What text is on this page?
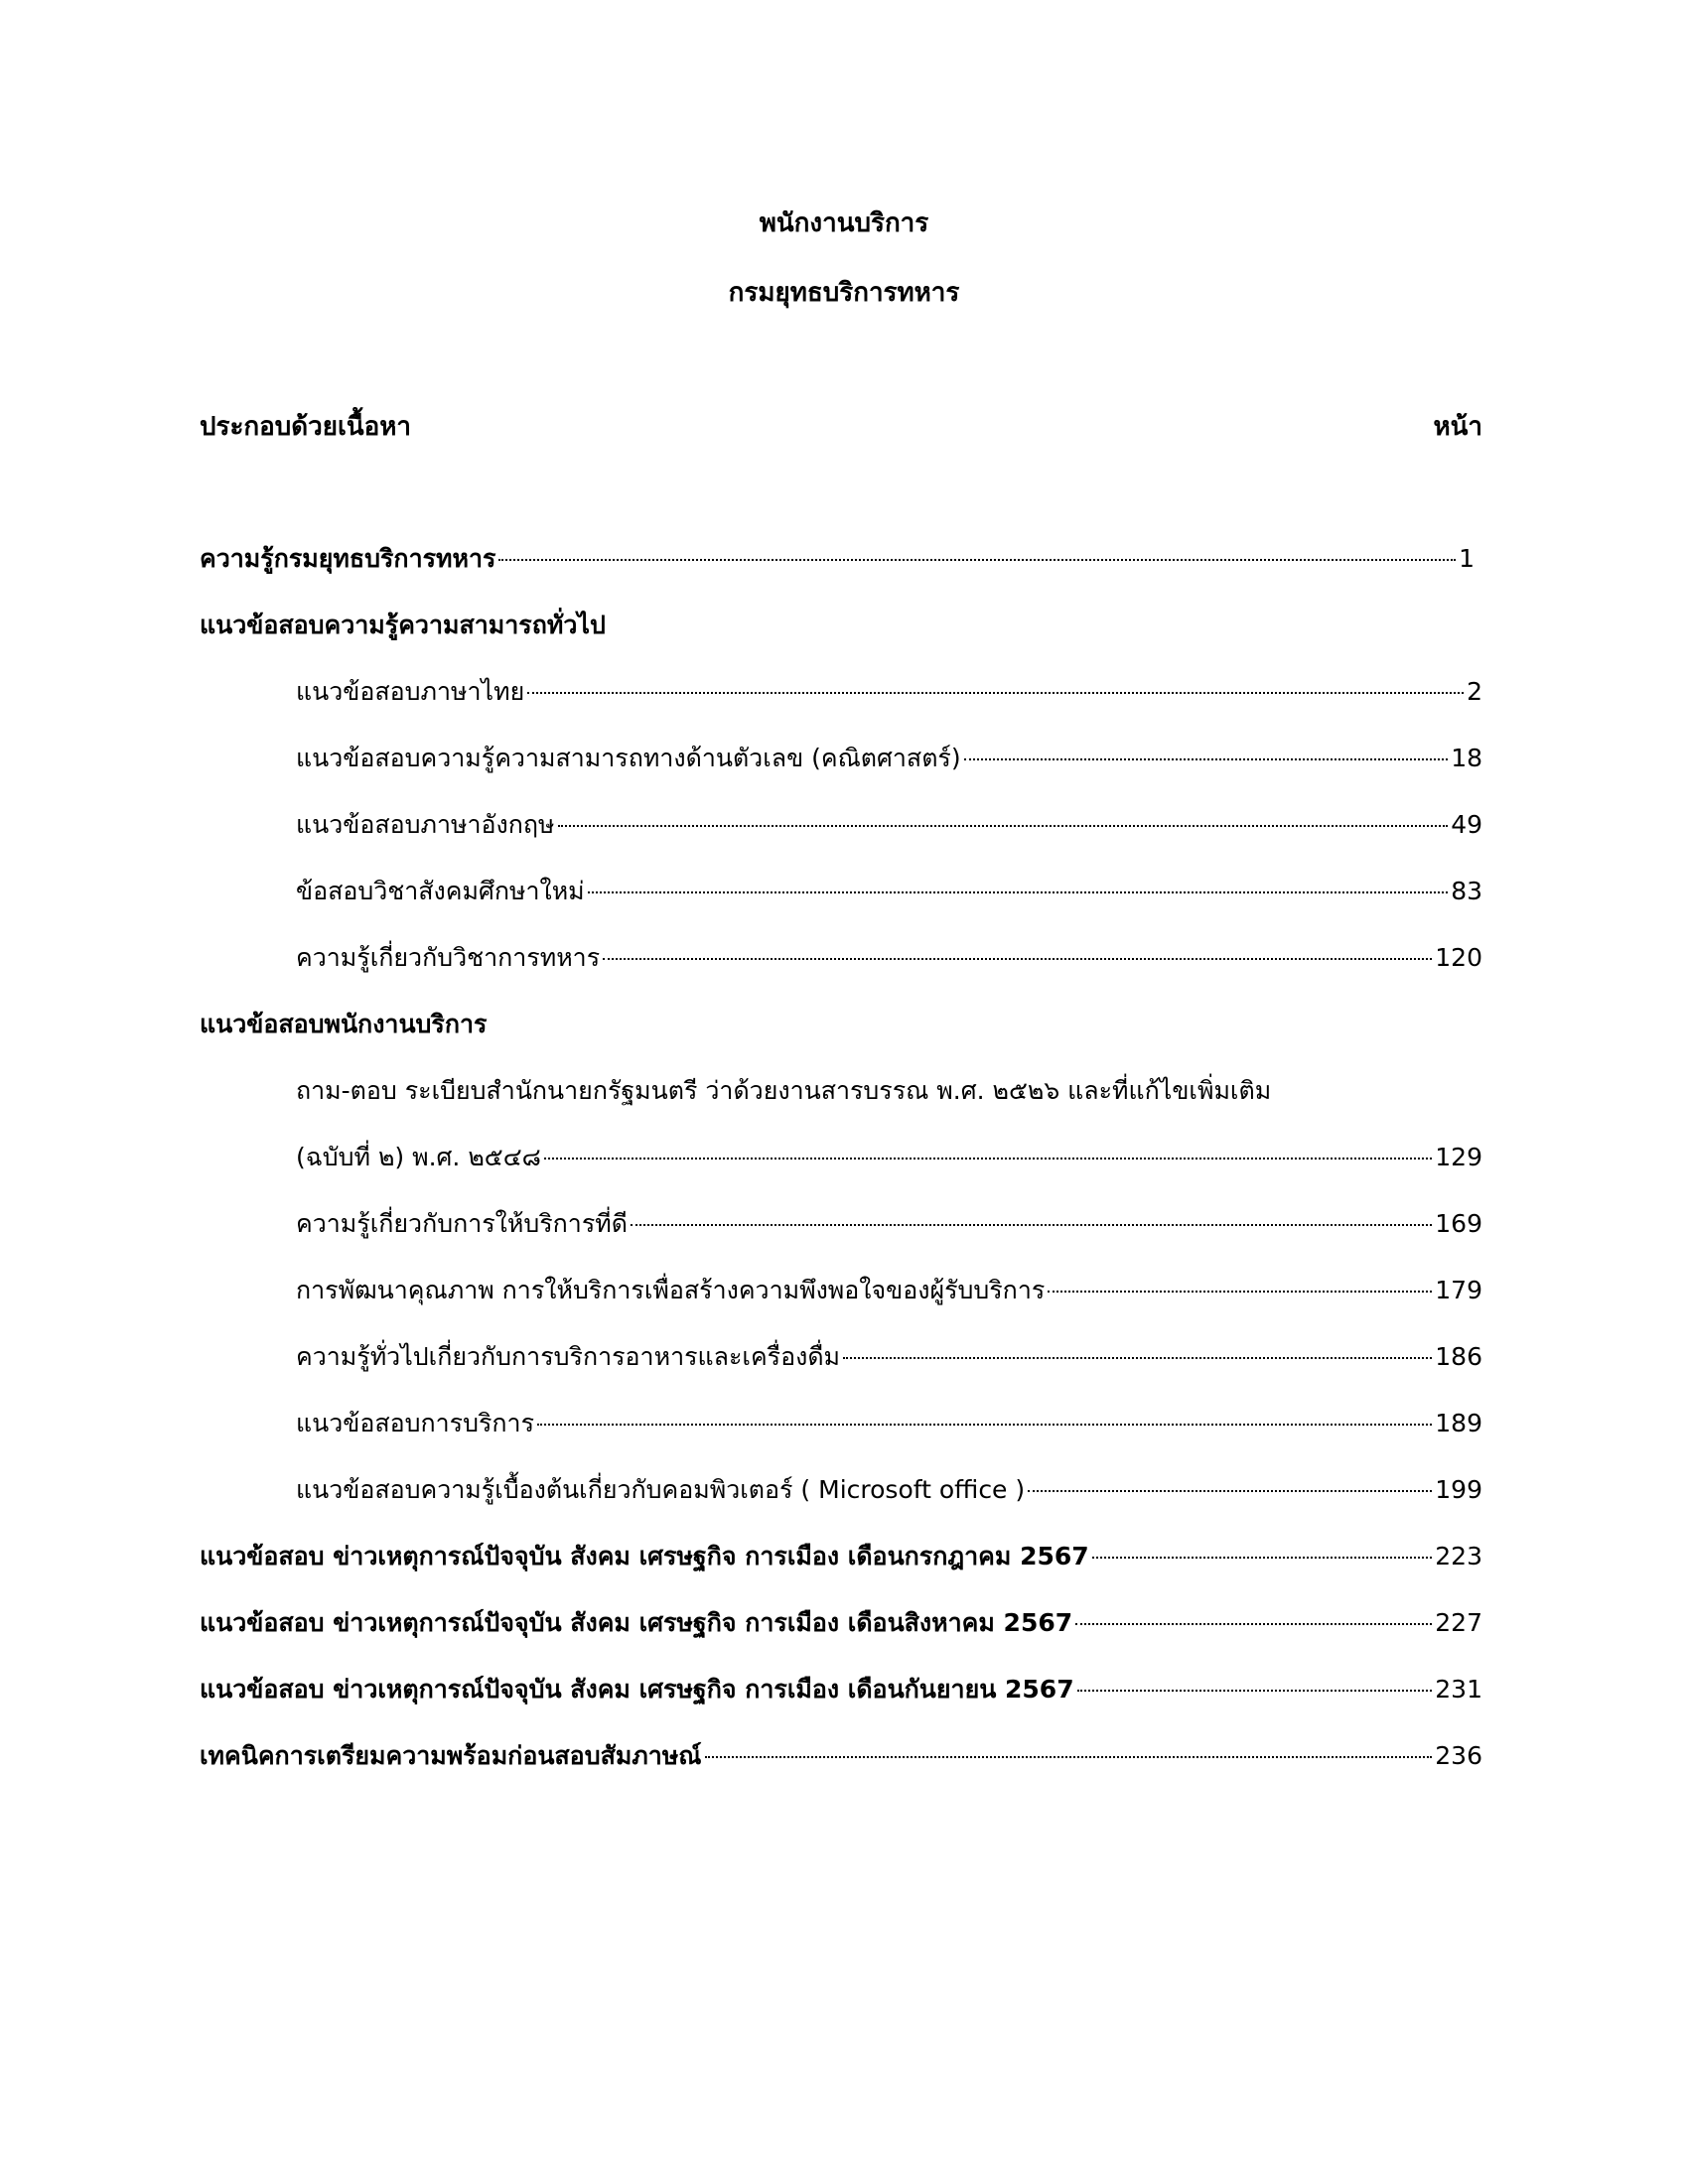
พนักงานบริการ
กรมยุทธบริการทหาร
ประกอบด้วยเนื้อหา	หน้า
ความรู้กรมยุทธบริการทหาร	1
แนวข้อสอบความรู้ความสามารถทั่วไป
แนวข้อสอบภาษาไทย	2
แนวข้อสอบความรู้ความสามารถทางด้านตัวเลข (คณิตศาสตร์)	18
แนวข้อสอบภาษาอังกฤษ	49
ข้อสอบวิชาสังคมศึกษาใหม่	83
ความรู้เกี่ยวกับวิชาการทหาร	120
แนวข้อสอบพนักงานบริการ
ถาม-ตอบ ระเบียบสำนักนายกรัฐมนตรี ว่าด้วยงานสารบรรณ พ.ศ. ๒๕๒๖ และที่แก้ไขเพิ่มเติม
(ฉบับที่ ๒) พ.ศ. ๒๕๔๘	129
ความรู้เกี่ยวกับการให้บริการที่ดี	169
การพัฒนาคุณภาพ การให้บริการเพื่อสร้างความพึงพอใจของผู้รับบริการ	179
ความรู้ทั่วไปเกี่ยวกับการบริการอาหารและเครื่องดื่ม	186
แนวข้อสอบการบริการ	189
แนวข้อสอบความรู้เบื้องต้นเกี่ยวกับคอมพิวเตอร์ ( Microsoft office )	199
แนวข้อสอบ ข่าวเหตุการณ์ปัจจุบัน สังคม เศรษฐกิจ การเมือง เดือนกรกฎาคม 2567	223
แนวข้อสอบ ข่าวเหตุการณ์ปัจจุบัน สังคม เศรษฐกิจ การเมือง เดือนสิงหาคม 2567	227
แนวข้อสอบ ข่าวเหตุการณ์ปัจจุบัน สังคม เศรษฐกิจ การเมือง เดือนกันยายน 2567	231
เทคนิคการเตรียมความพร้อมก่อนสอบสัมภาษณ์	236
